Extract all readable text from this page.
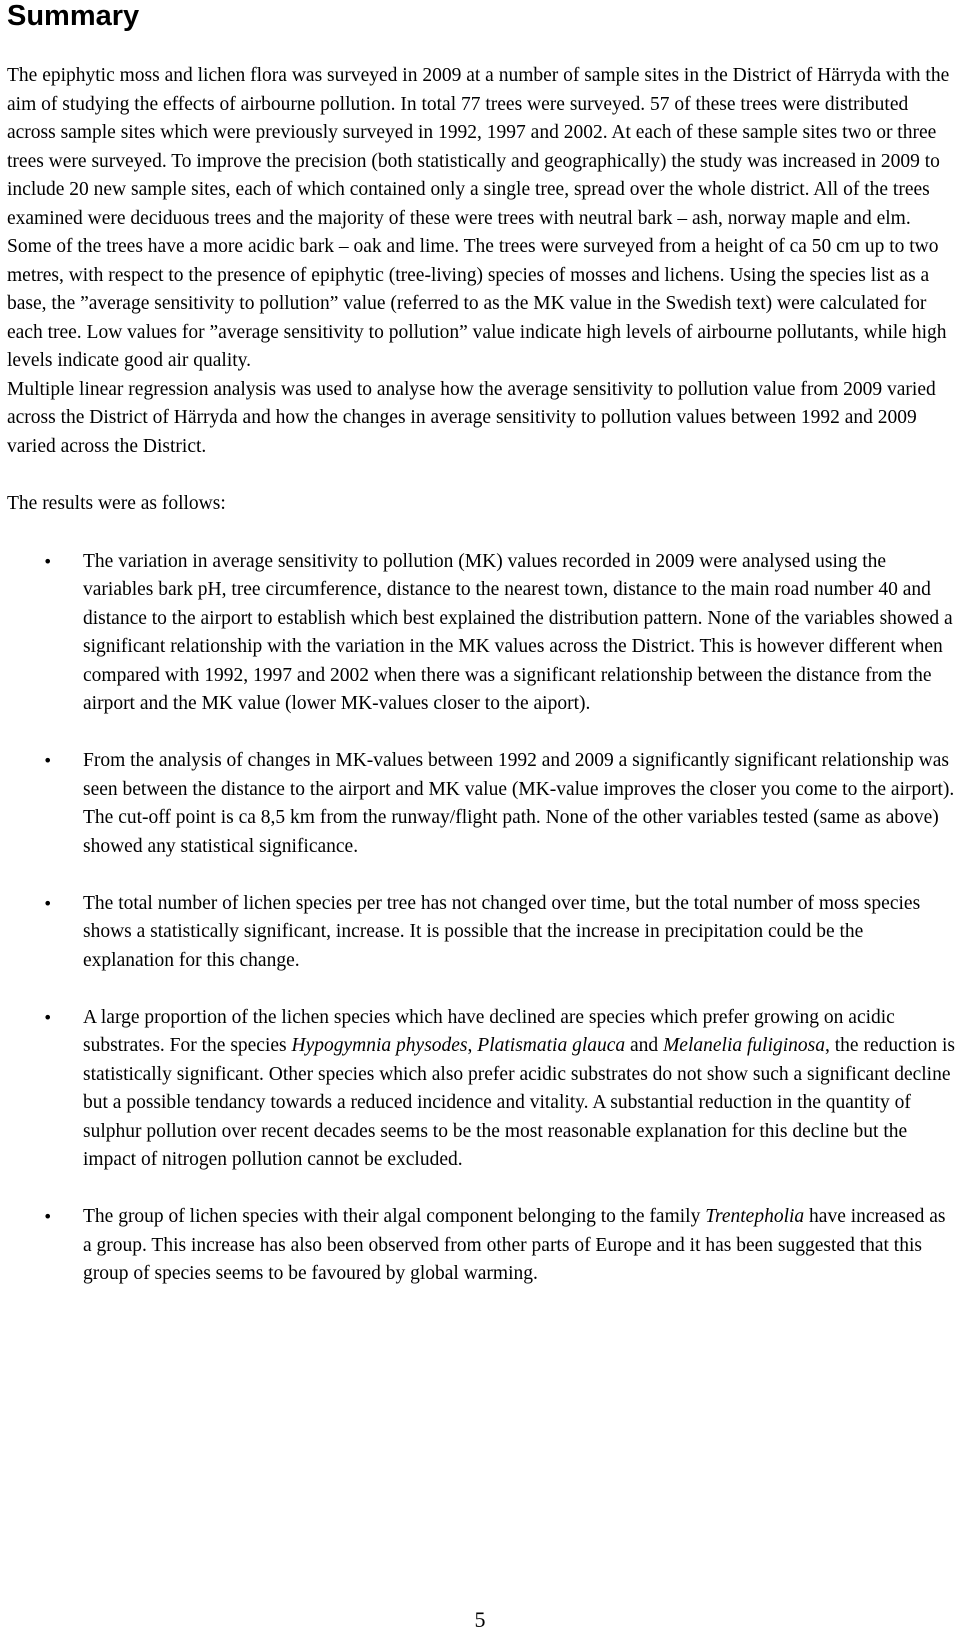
Summary

The epiphytic moss and lichen flora was surveyed in 2009 at a number of sample sites in the District of Härryda with the aim of studying the effects of airbourne pollution. In total 77 trees were surveyed. 57 of these trees were distributed across sample sites which were previously surveyed in 1992, 1997 and 2002. At each of these sample sites two or three trees were surveyed. To improve the precision (both statistically and geographically) the study was increased in 2009 to include 20 new sample sites, each of which contained only a single tree, spread over the whole district. All of the trees examined were deciduous trees and the majority of these were trees with neutral bark – ash, norway maple and elm. Some of the trees have a more acidic bark – oak and lime. The trees were surveyed from a height of ca 50 cm up to two metres, with respect to the presence of epiphytic (tree-living) species of mosses and lichens. Using the species list as a base, the ”average sensitivity to pollution” value (referred to as the MK value in the Swedish text) were calculated for each tree. Low values for ”average sensitivity to pollution” value indicate high levels of airbourne pollutants, while high levels indicate good air quality.

Multiple linear regression analysis was used to analyse how the average sensitivity to pollution value from 2009 varied across the District of Härryda and how the changes in average sensitivity to pollution values between 1992 and 2009 varied across the District.

The results were as follows:

• The variation in average sensitivity to pollution (MK) values recorded in 2009 were analysed using the variables bark pH, tree circumference, distance to the nearest town, distance to the main road number 40 and distance to the airport to establish which best explained the distribution pattern. None of the variables showed a significant relationship with the variation in the MK values across the District. This is however different when compared with 1992, 1997 and 2002 when there was a significant relationship between the distance from the airport and the MK value (lower MK-values closer to the aiport).
• From the analysis of changes in MK-values between 1992 and 2009 a significantly significant relationship was seen between the distance to the airport and MK value (MK-value improves the closer you come to the airport). The cut-off point is ca 8,5 km from the runway/flight path. None of the other variables tested (same as above) showed any statistical significance.
• The total number of lichen species per tree has not changed over time, but the total number of moss species shows a statistically significant, increase. It is possible that the increase in precipitation could be the explanation for this change.
• A large proportion of the lichen species which have declined are species which prefer growing on acidic substrates. For the species Hypogymnia physodes, Platismatia glauca and Melanelia fuliginosa, the reduction is statistically significant. Other species which also prefer acidic substrates do not show such a significant decline but a possible tendancy towards a reduced incidence and vitality. A substantial reduction in the quantity of sulphur pollution over recent decades seems to be the most reasonable explanation for this decline but the impact of nitrogen pollution cannot be excluded.
• The group of lichen species with their algal component belonging to the family Trentepholia have increased as a group. This increase has also been observed from other parts of Europe and it has been suggested that this group of species seems to be favoured by global warming.
5
